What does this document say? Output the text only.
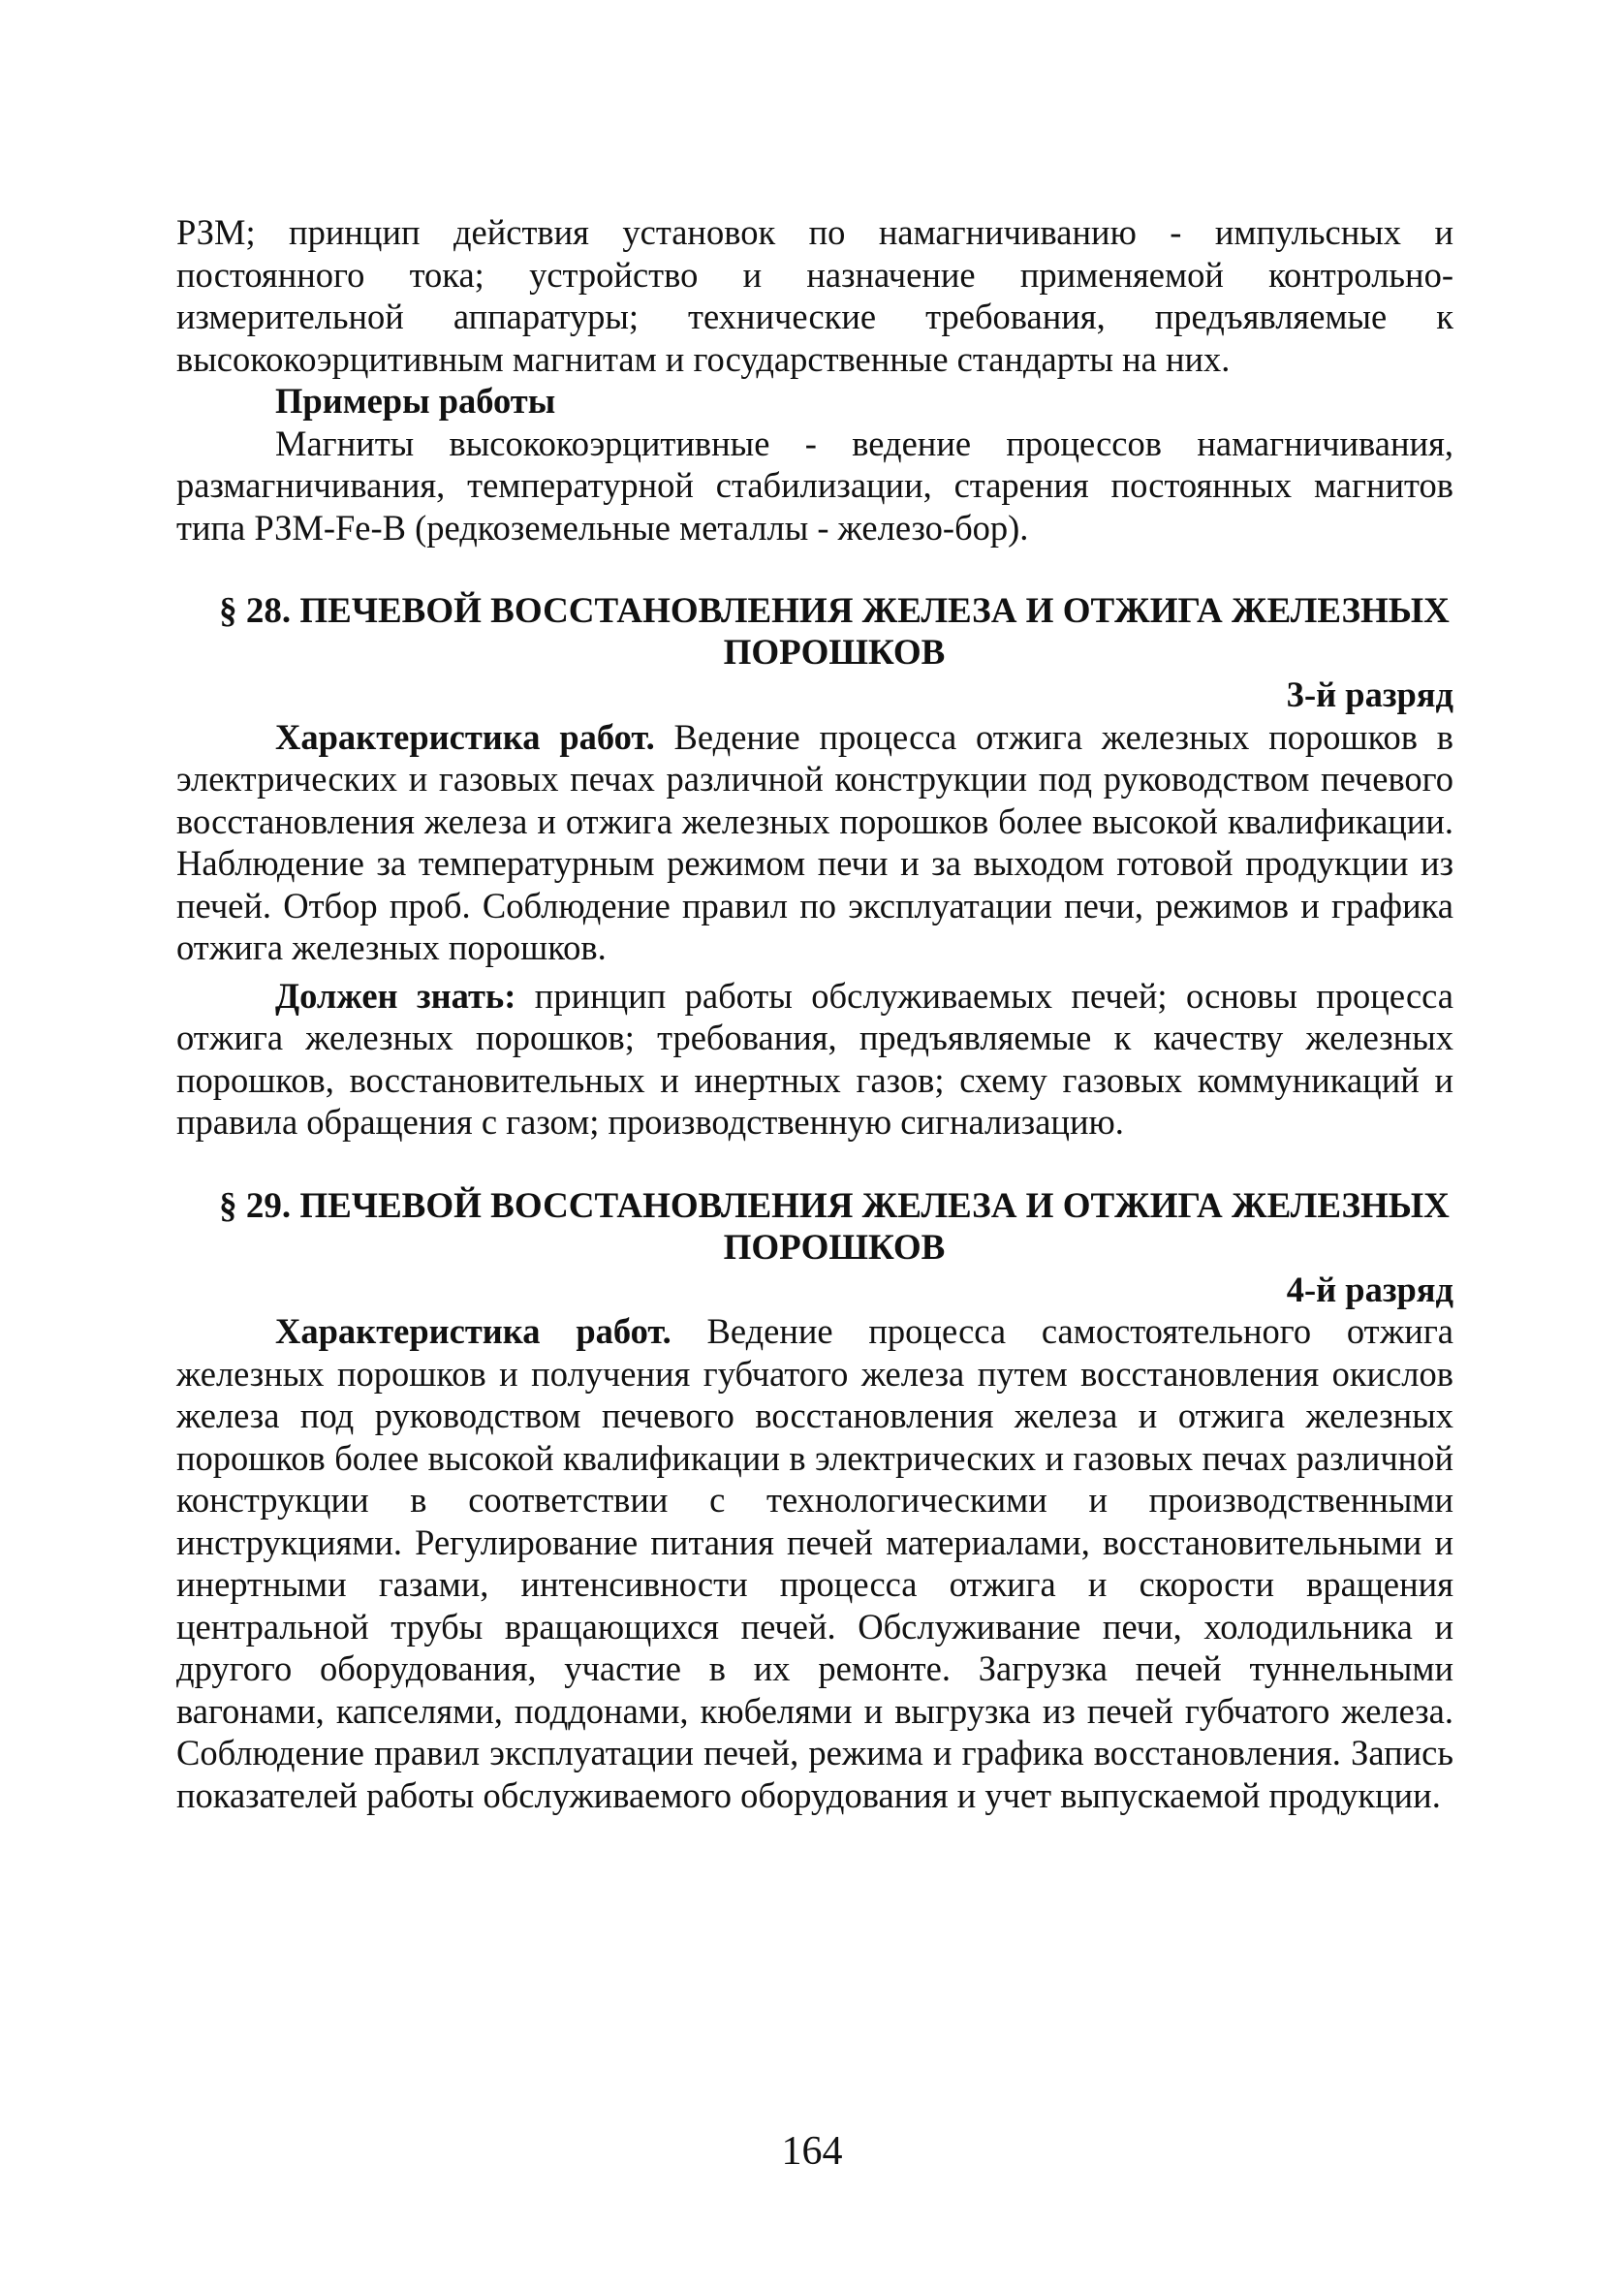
РЗМ; принцип действия установок по намагничиванию - импульсных и постоянного тока; устройство и назначение применяемой контрольно-измерительной аппаратуры; технические требования, предъявляемые к высококоэрцитивным магнитам и государственные стандарты на них.

Примеры работы

Магниты высококоэрцитивные - ведение процессов намагничивания, размагничивания, температурной стабилизации, старения постоянных магнитов типа РЗМ-Fe-B (редкоземельные металлы - железо-бор).

§ 28. ПЕЧЕВОЙ ВОССТАНОВЛЕНИЯ ЖЕЛЕЗА И ОТЖИГА ЖЕЛЕЗНЫХ ПОРОШКОВ

3-й разряд

Характеристика работ. Ведение процесса отжига железных порошков в электрических и газовых печах различной конструкции под руководством печевого восстановления железа и отжига железных порошков более высокой квалификации. Наблюдение за температурным режимом печи и за выходом готовой продукции из печей. Отбор проб. Соблюдение правил по эксплуатации печи, режимов и графика отжига железных порошков.

Должен знать: принцип работы обслуживаемых печей; основы процесса отжига железных порошков; требования, предъявляемые к качеству железных порошков, восстановительных и инертных газов; схему газовых коммуникаций и правила обращения с газом; производственную сигнализацию.

§ 29. ПЕЧЕВОЙ ВОССТАНОВЛЕНИЯ ЖЕЛЕЗА И ОТЖИГА ЖЕЛЕЗНЫХ ПОРОШКОВ

4-й разряд

Характеристика работ. Ведение процесса самостоятельного отжига железных порошков и получения губчатого железа путем восстановления окислов железа под руководством печевого восстановления железа и отжига железных порошков более высокой квалификации в электрических и газовых печах различной конструкции в соответствии с технологическими и производственными инструкциями. Регулирование питания печей материалами, восстановительными и инертными газами, интенсивности процесса отжига и скорости вращения центральной трубы вращающихся печей. Обслуживание печи, холодильника и другого оборудования, участие в их ремонте. Загрузка печей туннельными вагонами, капселями, поддонами, кюбелями и выгрузка из печей губчатого железа. Соблюдение правил эксплуатации печей, режима и графика восстановления. Запись показателей работы обслуживаемого оборудования и учет выпускаемой продукции.

164
